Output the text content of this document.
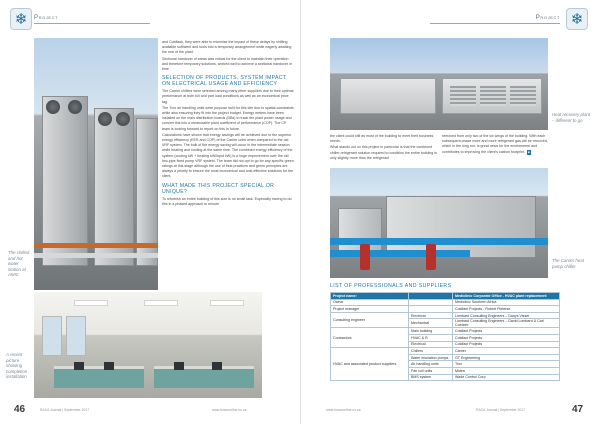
❄	Project	Project ❄
The chilled and hot water station at AMIC
A recent picture showing completion installation

and Cobflask, they were able to minimise the impact of these delays by shifting available sufficient and tools into a temporary arrangement while eagerly awaiting the rest of the plant.

Sectional handover of areas was critical for the client to maintain their operation and therefore temporary solutions, worked well to achieve a sectional handover in time.

SELECTION OF PRODUCTS, SYSTEM IMPACT ON ELECTRICAL USAGE AND EFFICIENCY

The Carrier chillers were selected among many other suppliers due to their optimal performance at both full and part load conditions as well as an economical price tag.

The Trox air handling units were purpose built for this site due to spatial constraints while also ensuring they fit into the project budget. Energy meters have been installed on the main distribution boards (DBs) to track the plant power usage and convert this into a measurable plant coefficient of performance (COP). The CP team is looking forward to report on this in future.

Calculations have shown that energy savings will be achieved due to the superior energy efficiency (EER and COP) of the Carrier units when compared to the old VRF system. The bulk of the energy saving will occur in the intermediate season while heating and cooling at the same time. The combined energy efficiency of the system (cooling kW + heating kW/input kW) is a huge improvement over the old two-pipe fixed pump VRF system. The team did not opt to go for any specific green ratings at this stage although the use of best practices and green principles are always a priority to ensure the most economical and cost-effective solutions for the client.

WHAT MADE THIS PROJECT SPECIAL OR UNIQUE?

To refurbish an entire building of this size is no small task. Especially having to do this in a phased approach to ensure

Heat recovery plant – different to go
The Carrier heat pump chiller

the client could still as most of the building to meet their business needs.

What stands out on this project in particular is that the combined chiller-refrigerant solution required to condition the entire building is only slightly more than the refrigerant

removed from only two of the six wings of the building. With each subsequent phase more and more refrigerant gas will be removed, which in the long run, is great news for the environment and contributes to improving the client's carbon footprint. ■

LIST OF PROFESSIONALS AND SUPPLIERS
Project name:		Mediclinic Corporate Office - HVAC plant replacement
Owner		Mediclinic Southern Africa
Project manager		Coldfact Projects - Robert Pieterse
Consulting engineer	Electrical	Lombard Consulting Engineers – Danys Visser
	Mechanical	Lombard Consulting Engineers – David Lombard & Carl Coetzee
Contractors	Main building	Coldfact Projects
	HVAC & R	Coldfact Projects
	Electrical	Coldfact Projects
HVAC and associated product suppliers	Chillers	Carrier
	Water insulation pumps	GT Engineering
	Air handling units	Trox
	Fan coil units	Midea
	BMS system	Wade Control Corp
46	RACA Journal | September 2017	www.hvacronline.co.za	www.hvacronline.co.za	RACA Journal | September 2017	47
